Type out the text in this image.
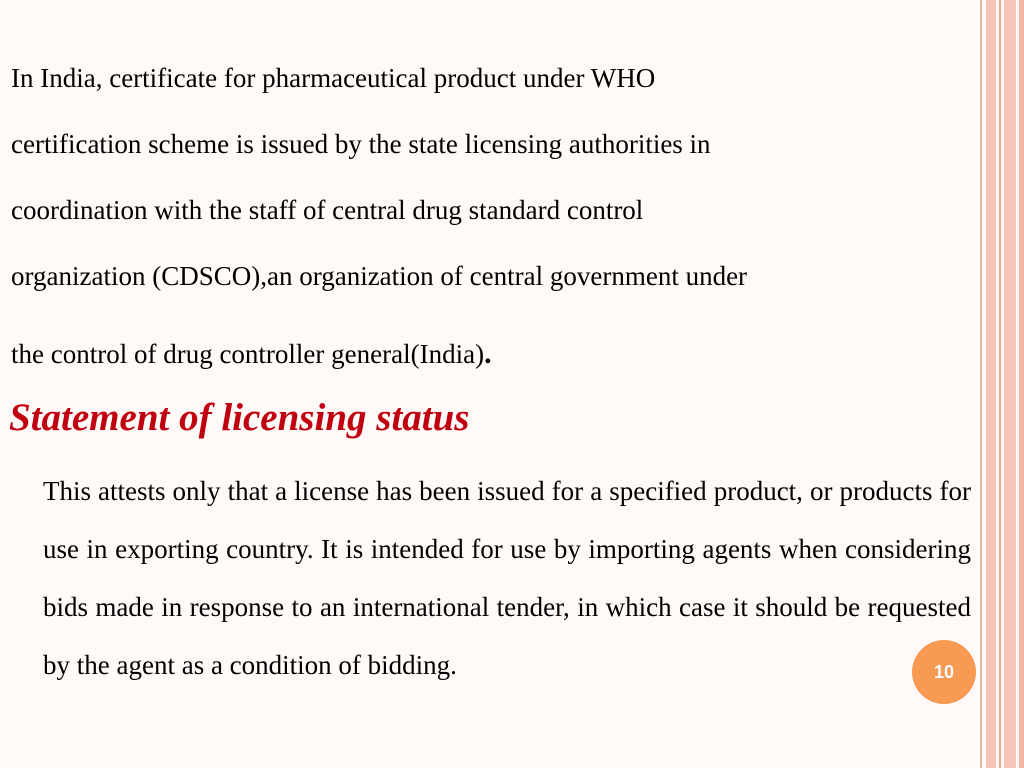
In India, certificate for pharmaceutical product under WHO
certification scheme is issued by the state licensing authorities in
coordination with the staff of central drug standard control
organization (CDSCO),an organization of central government under
the control of drug controller general(India).
Statement of licensing status
This attests only that a license has been issued for a specified product, or products for use in exporting country. It is intended for use by importing agents when considering bids made in response to an international tender, in which case it should be requested by the agent as a condition of bidding.	10
